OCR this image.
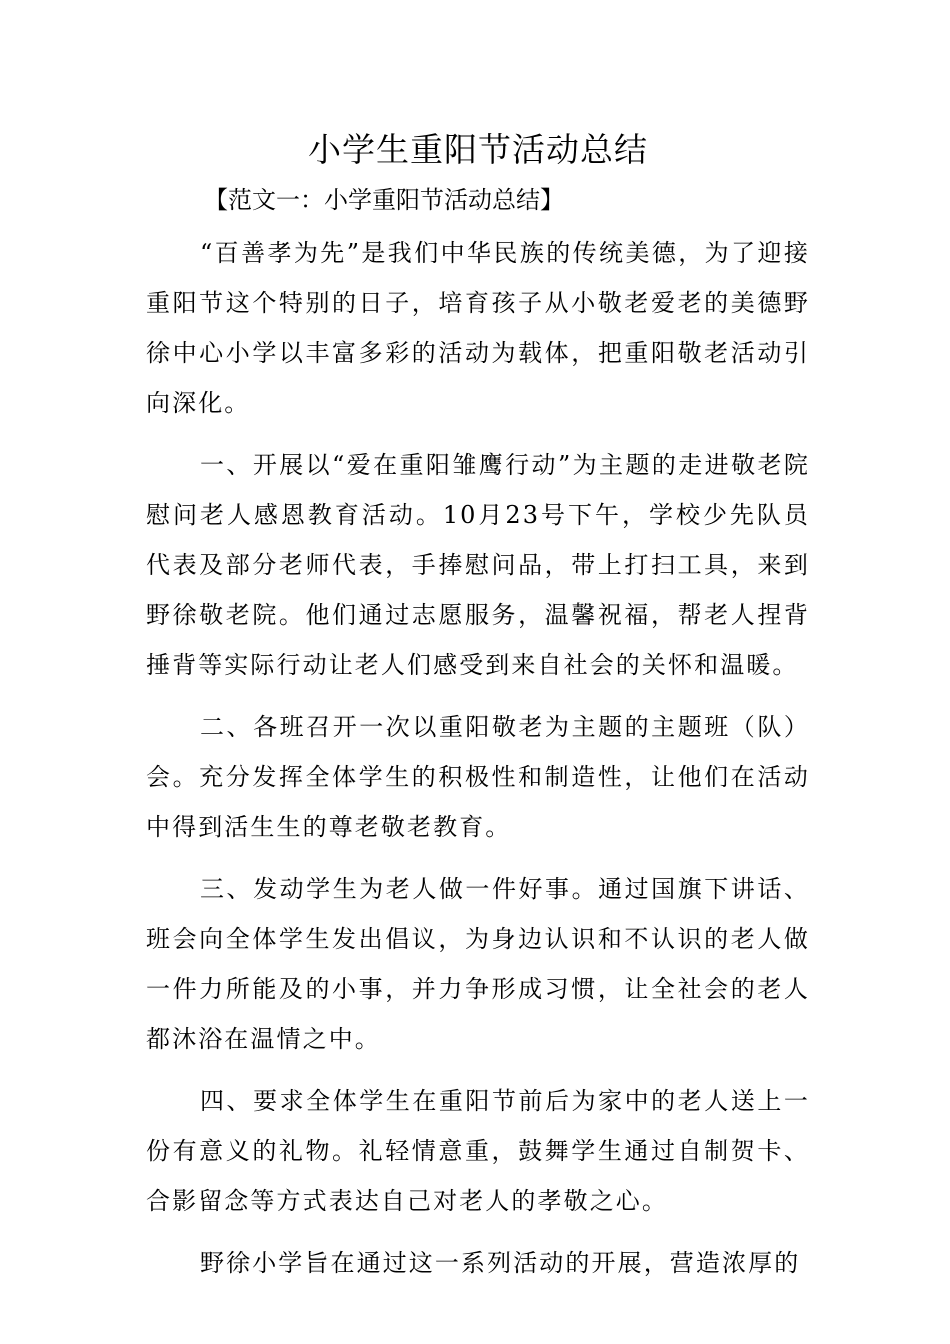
小学生重阳节活动总结

【范文一：小学重阳节活动总结】

“百善孝为先”是我们中华民族的传统美德，为了迎接重阳节这个特别的日子，培育孩子从小敬老爱老的美德野徐中心小学以丰富多彩的活动为载体，把重阳敬老活动引向深化。

一、开展以“爱在重阳雏鹰行动”为主题的走进敬老院慰问老人感恩教育活动。10月23号下午，学校少先队员代表及部分老师代表，手捧慰问品，带上打扫工具，来到野徐敬老院。他们通过志愿服务，温馨祝福，帮老人捏背捶背等实际行动让老人们感受到来自社会的关怀和温暖。

二、各班召开一次以重阳敬老为主题的主题班（队）会。充分发挥全体学生的积极性和制造性，让他们在活动中得到活生生的尊老敬老教育。

三、发动学生为老人做一件好事。通过国旗下讲话、班会向全体学生发出倡议，为身边认识和不认识的老人做一件力所能及的小事，并力争形成习惯，让全社会的老人都沐浴在温情之中。

四、要求全体学生在重阳节前后为家中的老人送上一份有意义的礼物。礼轻情意重，鼓舞学生通过自制贺卡、合影留念等方式表达自己对老人的孝敬之心。

野徐小学旨在通过这一系列活动的开展，营造浓厚的
